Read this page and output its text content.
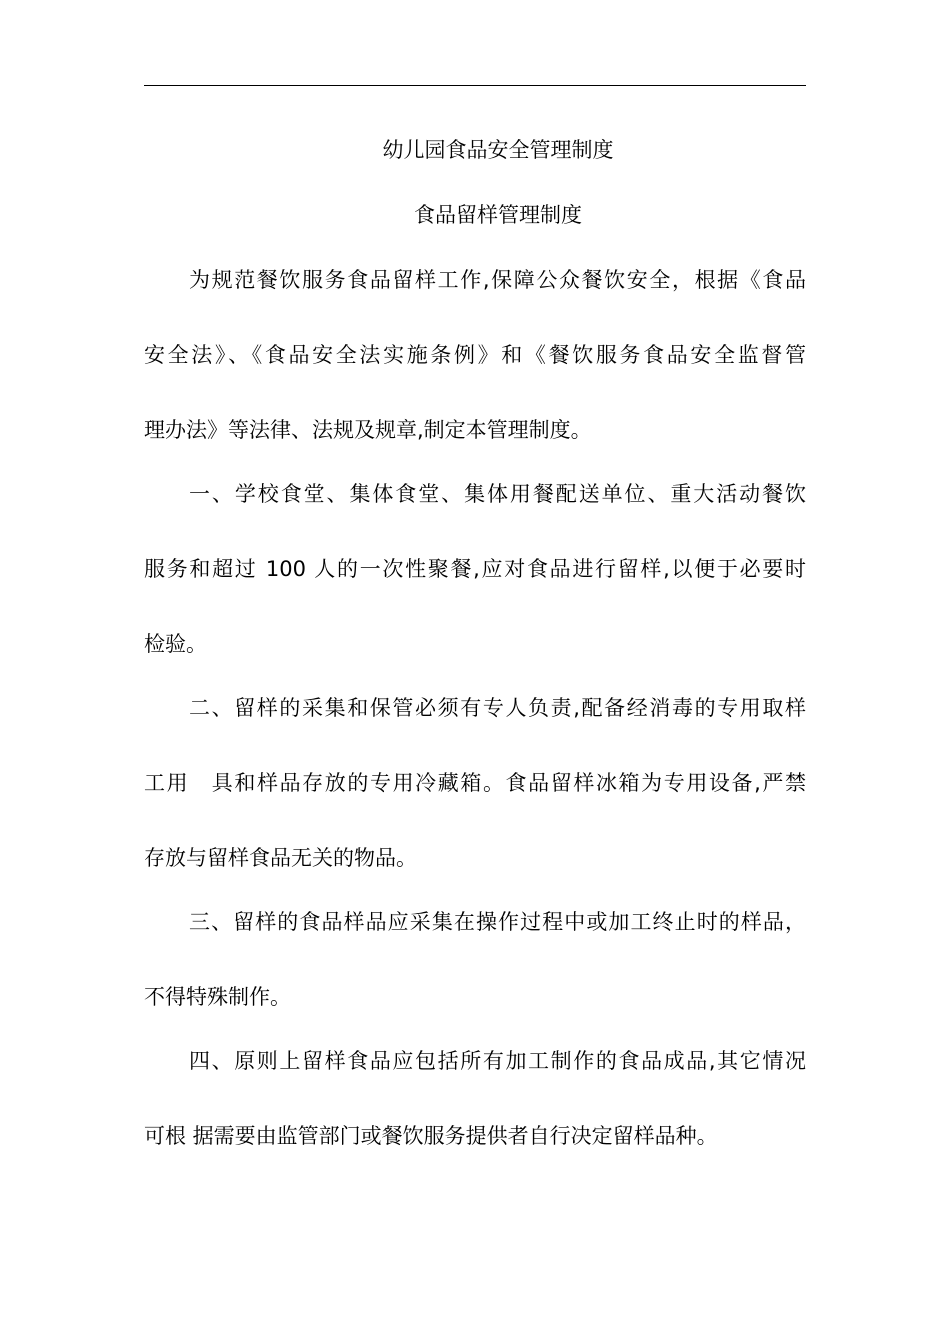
幼儿园食品安全管理制度
食品留样管理制度
为规范餐饮服务食品留样工作,保障公众餐饮安全，根据《食品
安全法》、《食品安全法实施条例》和《餐饮服务食品安全监督管
理办法》等法律、法规及规章,制定本管理制度。
一、学校食堂、集体食堂、集体用餐配送单位、重大活动餐饮
服务和超过 100 人的一次性聚餐,应对食品进行留样,以便于必要时
检验。
二、留样的采集和保管必须有专人负责,配备经消毒的专用取样
工用　具和样品存放的专用冷藏箱。食品留样冰箱为专用设备,严禁
存放与留样食品无关的物品。
三、留样的食品样品应采集在操作过程中或加工终止时的样品，
不得特殊制作。
四、原则上留样食品应包括所有加工制作的食品成品,其它情况
可根 据需要由监管部门或餐饮服务提供者自行决定留样品种。
